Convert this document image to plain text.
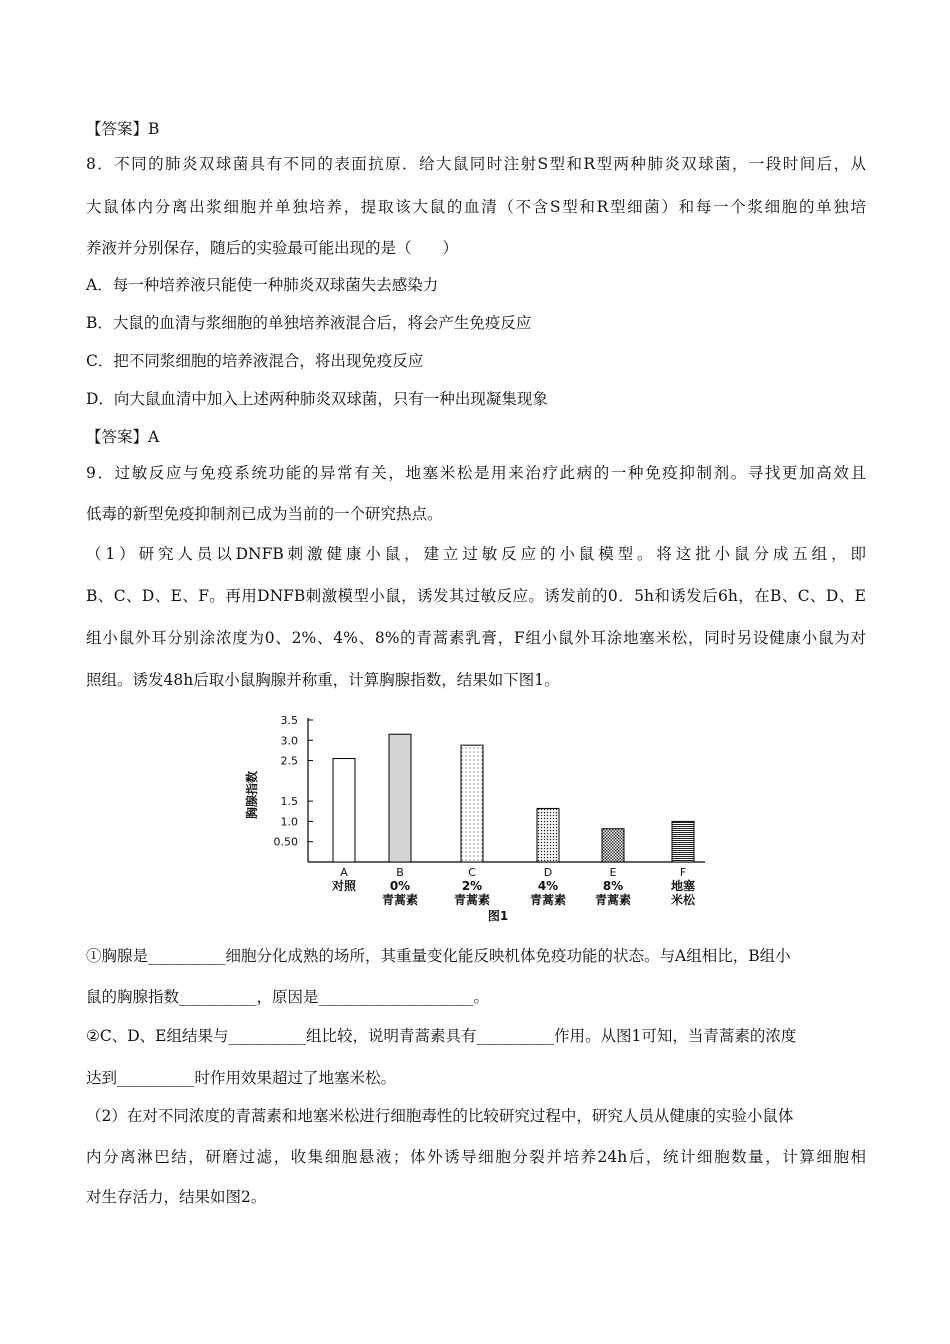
【答案】B
8．不同的肺炎双球菌具有不同的表面抗原．给大鼠同时注射S型和R型两种肺炎双球菌，一段时间后，从
大鼠体内分离出浆细胞并单独培养，提取该大鼠的血清（不含S型和R型细菌）和每一个浆细胞的单独培
养液并分别保存，随后的实验最可能出现的是（　　）
A．每一种培养液只能使一种肺炎双球菌失去感染力
B．大鼠的血清与浆细胞的单独培养液混合后，将会产生免疫反应
C．把不同浆细胞的培养液混合，将出现免疫反应
D．向大鼠血清中加入上述两种肺炎双球菌，只有一种出现凝集现象
【答案】A
9．过敏反应与免疫系统功能的异常有关，地塞米松是用来治疗此病的一种免疫抑制剂。寻找更加高效且
低毒的新型免疫抑制剂已成为当前的一个研究热点。
（1）研究人员以DNFB刺激健康小鼠，建立过敏反应的小鼠模型。将这批小鼠分成五组，即
B、C、D、E、F。再用DNFB刺激模型小鼠，诱发其过敏反应。诱发前的0．5h和诱发后6h，在B、C、D、E
组小鼠外耳分别涂浓度为0、2%、4%、8%的青蒿素乳膏，F组小鼠外耳涂地塞米松，同时另设健康小鼠为对
照组。诱发48h后取小鼠胸腺并称重，计算胸腺指数，结果如下图1。
0.50
1.0
1.5
2.5
3.0
3.5
胸腺指数
A
对照
B
0%
青蒿素
C
2%
青蒿素
D
4%
青蒿素
E
8%
青蒿素
F
地塞
米松
图1
①胸腺是__________细胞分化成熟的场所，其重量变化能反映机体免疫功能的状态。与A组相比，B组小
鼠的胸腺指数__________，原因是____________________。
②C、D、E组结果与__________组比较，说明青蒿素具有__________作用。从图1可知，当青蒿素的浓度
达到__________时作用效果超过了地塞米松。
（2）在对不同浓度的青蒿素和地塞米松进行细胞毒性的比较研究过程中，研究人员从健康的实验小鼠体
内分离淋巴结，研磨过滤，收集细胞悬液；体外诱导细胞分裂并培养24h后，统计细胞数量，计算细胞相
对生存活力，结果如图2。
